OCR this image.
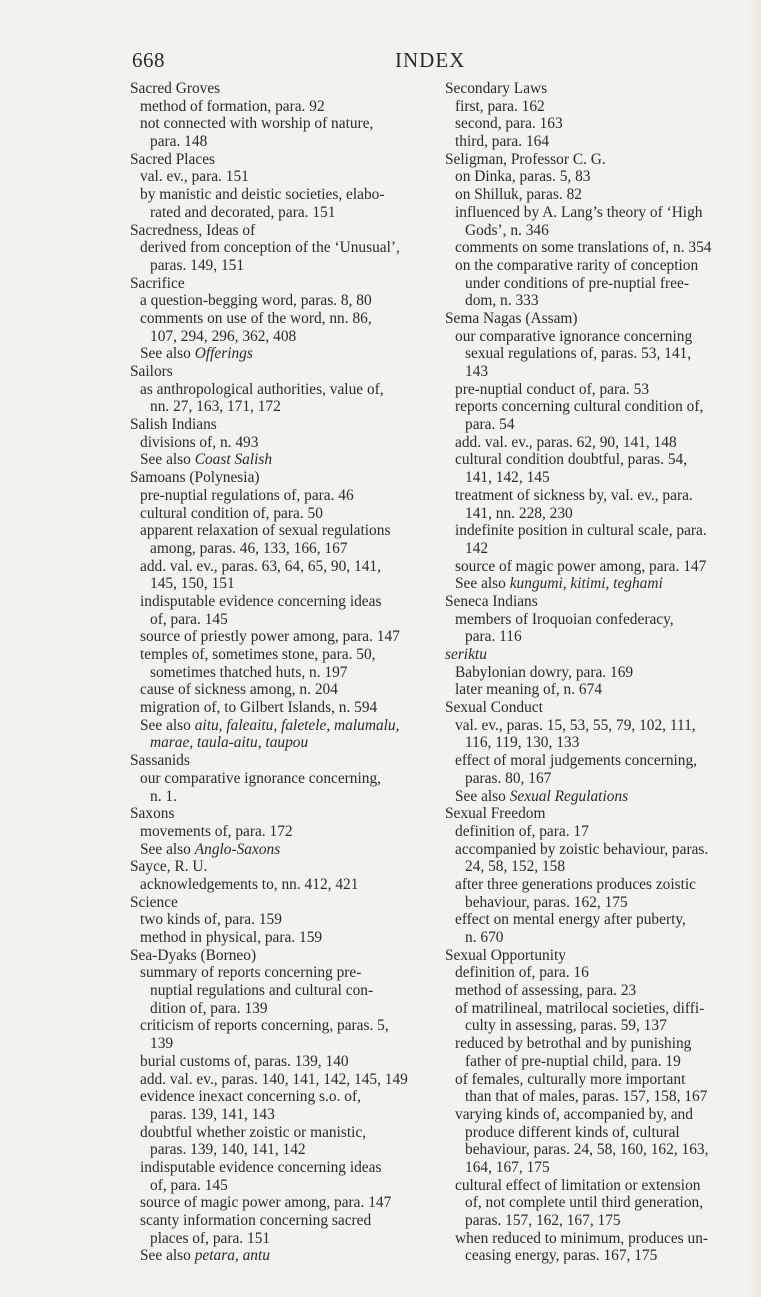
668	INDEX
Sacred Groves
method of formation, para. 92
not connected with worship of nature,
para. 148
Sacred Places
val. ev., para. 151
by manistic and deistic societies, elabo-
rated and decorated, para. 151
Sacredness, Ideas of
derived from conception of the ‘Unusual’,
paras. 149, 151
Sacrifice
a question-begging word, paras. 8, 80
comments on use of the word, nn. 86,
107, 294, 296, 362, 408
See also Offerings
Sailors
as anthropological authorities, value of,
nn. 27, 163, 171, 172
Salish Indians
divisions of, n. 493
See also Coast Salish
Samoans (Polynesia)
pre-nuptial regulations of, para. 46
cultural condition of, para. 50
apparent relaxation of sexual regulations
among, paras. 46, 133, 166, 167
add. val. ev., paras. 63, 64, 65, 90, 141,
145, 150, 151
indisputable evidence concerning ideas
of, para. 145
source of priestly power among, para. 147
temples of, sometimes stone, para. 50,
sometimes thatched huts, n. 197
cause of sickness among, n. 204
migration of, to Gilbert Islands, n. 594
See also aitu, faleaitu, faletele, malumalu,
marae, taula-aitu, taupou
Sassanids
our comparative ignorance concerning,
n. 1.
Saxons
movements of, para. 172
See also Anglo-Saxons
Sayce, R. U.
acknowledgements to, nn. 412, 421
Science
two kinds of, para. 159
method in physical, para. 159
Sea-Dyaks (Borneo)
summary of reports concerning pre-
nuptial regulations and cultural con-
dition of, para. 139
criticism of reports concerning, paras. 5,
139
burial customs of, paras. 139, 140
add. val. ev., paras. 140, 141, 142, 145, 149
evidence inexact concerning s.o. of,
paras. 139, 141, 143
doubtful whether zoistic or manistic,
paras. 139, 140, 141, 142
indisputable evidence concerning ideas
of, para. 145
source of magic power among, para. 147
scanty information concerning sacred
places of, para. 151
See also petara, antu
Secondary Laws
first, para. 162
second, para. 163
third, para. 164
Seligman, Professor C. G.
on Dinka, paras. 5, 83
on Shilluk, paras. 82
influenced by A. Lang’s theory of ‘High
Gods’, n. 346
comments on some translations of, n. 354
on the comparative rarity of conception
under conditions of pre-nuptial free-
dom, n. 333
Sema Nagas (Assam)
our comparative ignorance concerning
sexual regulations of, paras. 53, 141,
143
pre-nuptial conduct of, para. 53
reports concerning cultural condition of,
para. 54
add. val. ev., paras. 62, 90, 141, 148
cultural condition doubtful, paras. 54,
141, 142, 145
treatment of sickness by, val. ev., para.
141, nn. 228, 230
indefinite position in cultural scale, para.
142
source of magic power among, para. 147
See also kungumi, kitimi, teghami
Seneca Indians
members of Iroquoian confederacy,
para. 116
seriktu
Babylonian dowry, para. 169
later meaning of, n. 674
Sexual Conduct
val. ev., paras. 15, 53, 55, 79, 102, 111,
116, 119, 130, 133
effect of moral judgements concerning,
paras. 80, 167
See also Sexual Regulations
Sexual Freedom
definition of, para. 17
accompanied by zoistic behaviour, paras.
24, 58, 152, 158
after three generations produces zoistic
behaviour, paras. 162, 175
effect on mental energy after puberty,
n. 670
Sexual Opportunity
definition of, para. 16
method of assessing, para. 23
of matrilineal, matrilocal societies, diffi-
culty in assessing, paras. 59, 137
reduced by betrothal and by punishing
father of pre-nuptial child, para. 19
of females, culturally more important
than that of males, paras. 157, 158, 167
varying kinds of, accompanied by, and
produce different kinds of, cultural
behaviour, paras. 24, 58, 160, 162, 163,
164, 167, 175
cultural effect of limitation or extension
of, not complete until third generation,
paras. 157, 162, 167, 175
when reduced to minimum, produces un-
ceasing energy, paras. 167, 175
